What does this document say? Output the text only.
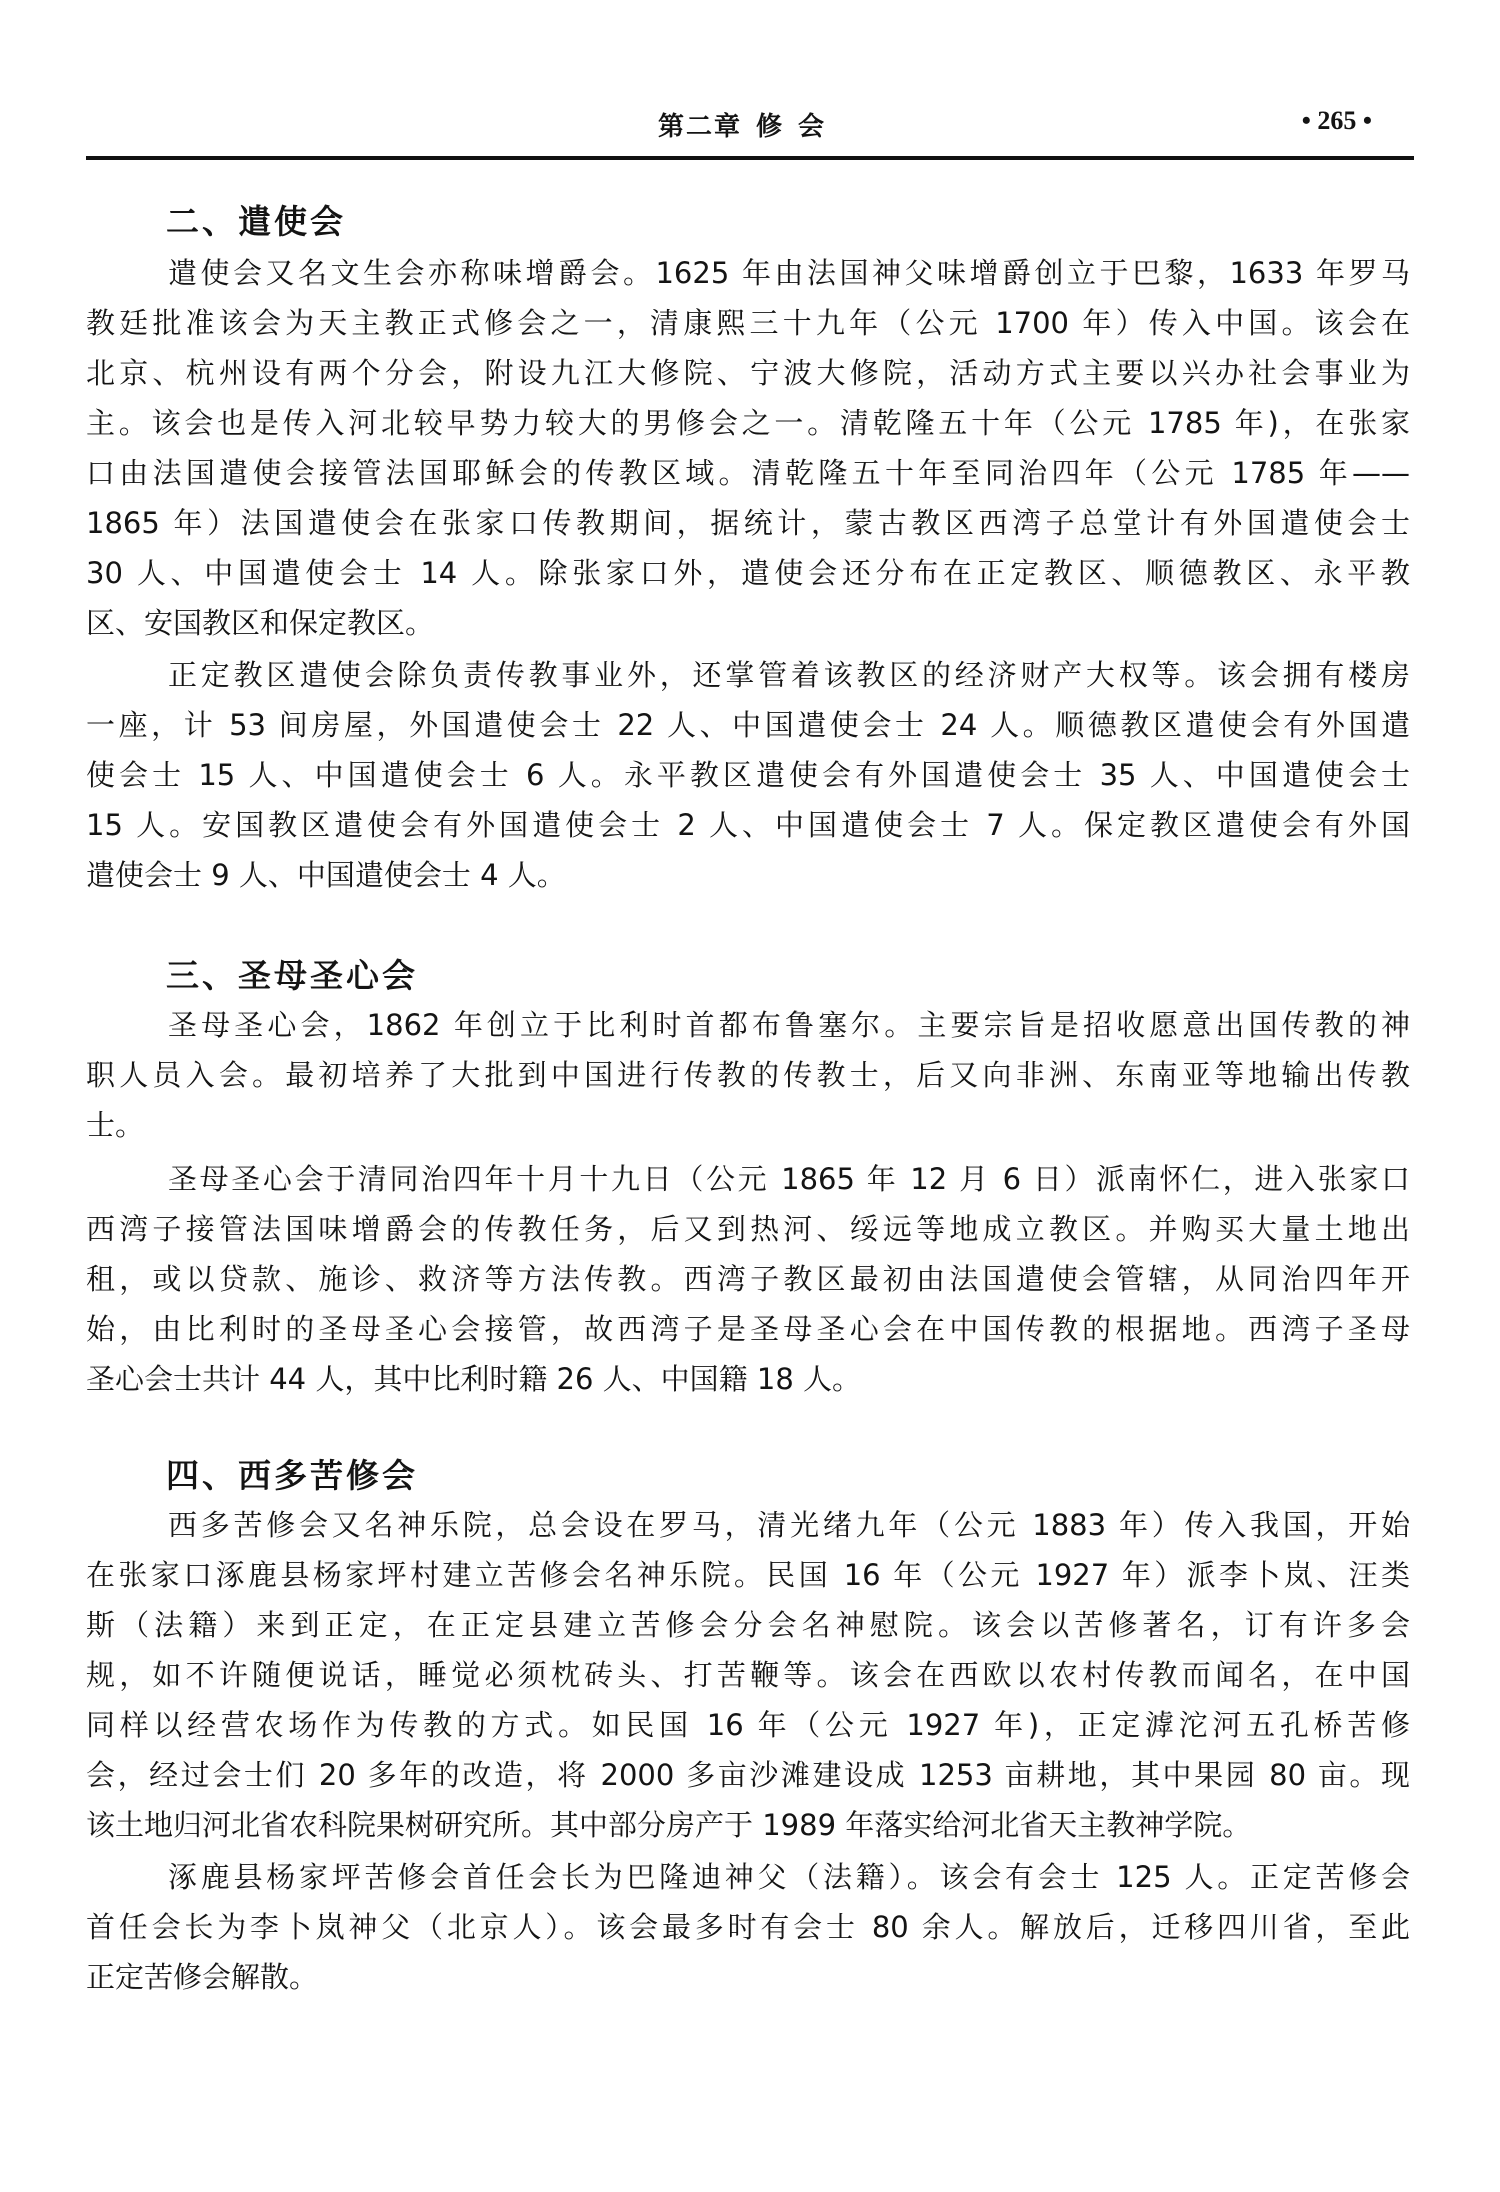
第二章 修 会	• 265 •
二、遣使会
遣使会又名文生会亦称味增爵会。1625 年由法国神父味增爵创立于巴黎，1633 年罗马
教廷批准该会为天主教正式修会之一，清康熙三十九年（公元 1700 年）传入中国。该会在
北京、杭州设有两个分会，附设九江大修院、宁波大修院，活动方式主要以兴办社会事业为
主。该会也是传入河北较早势力较大的男修会之一。清乾隆五十年（公元 1785 年)，在张家
口由法国遣使会接管法国耶稣会的传教区域。清乾隆五十年至同治四年（公元 1785 年——
1865 年）法国遣使会在张家口传教期间，据统计，蒙古教区西湾子总堂计有外国遣使会士
30 人、中国遣使会士 14 人。除张家口外，遣使会还分布在正定教区、顺德教区、永平教
区、安国教区和保定教区。
正定教区遣使会除负责传教事业外，还掌管着该教区的经济财产大权等。该会拥有楼房
一座，计 53 间房屋，外国遣使会士 22 人、中国遣使会士 24 人。顺德教区遣使会有外国遣
使会士 15 人、中国遣使会士 6 人。永平教区遣使会有外国遣使会士 35 人、中国遣使会士
15 人。安国教区遣使会有外国遣使会士 2 人、中国遣使会士 7 人。保定教区遣使会有外国
遣使会士 9 人、中国遣使会士 4 人。
三、圣母圣心会
圣母圣心会，1862 年创立于比利时首都布鲁塞尔。主要宗旨是招收愿意出国传教的神
职人员入会。最初培养了大批到中国进行传教的传教士，后又向非洲、东南亚等地输出传教
士。
圣母圣心会于清同治四年十月十九日（公元 1865 年 12 月 6 日）派南怀仁，进入张家口
西湾子接管法国味增爵会的传教任务，后又到热河、绥远等地成立教区。并购买大量土地出
租，或以贷款、施诊、救济等方法传教。西湾子教区最初由法国遣使会管辖，从同治四年开
始，由比利时的圣母圣心会接管，故西湾子是圣母圣心会在中国传教的根据地。西湾子圣母
圣心会士共计 44 人，其中比利时籍 26 人、中国籍 18 人。
四、西多苦修会
西多苦修会又名神乐院，总会设在罗马，清光绪九年（公元 1883 年）传入我国，开始
在张家口涿鹿县杨家坪村建立苦修会名神乐院。民国 16 年（公元 1927 年）派李卜岚、汪类
斯（法籍）来到正定，在正定县建立苦修会分会名神慰院。该会以苦修著名，订有许多会
规，如不许随便说话，睡觉必须枕砖头、打苦鞭等。该会在西欧以农村传教而闻名，在中国
同样以经营农场作为传教的方式。如民国 16 年（公元 1927 年)，正定滹沱河五孔桥苦修
会，经过会士们 20 多年的改造，将 2000 多亩沙滩建设成 1253 亩耕地，其中果园 80 亩。现
该土地归河北省农科院果树研究所。其中部分房产于 1989 年落实给河北省天主教神学院。
涿鹿县杨家坪苦修会首任会长为巴隆迪神父（法籍）。该会有会士 125 人。正定苦修会
首任会长为李卜岚神父（北京人）。该会最多时有会士 80 余人。解放后，迁移四川省，至此
正定苦修会解散。
